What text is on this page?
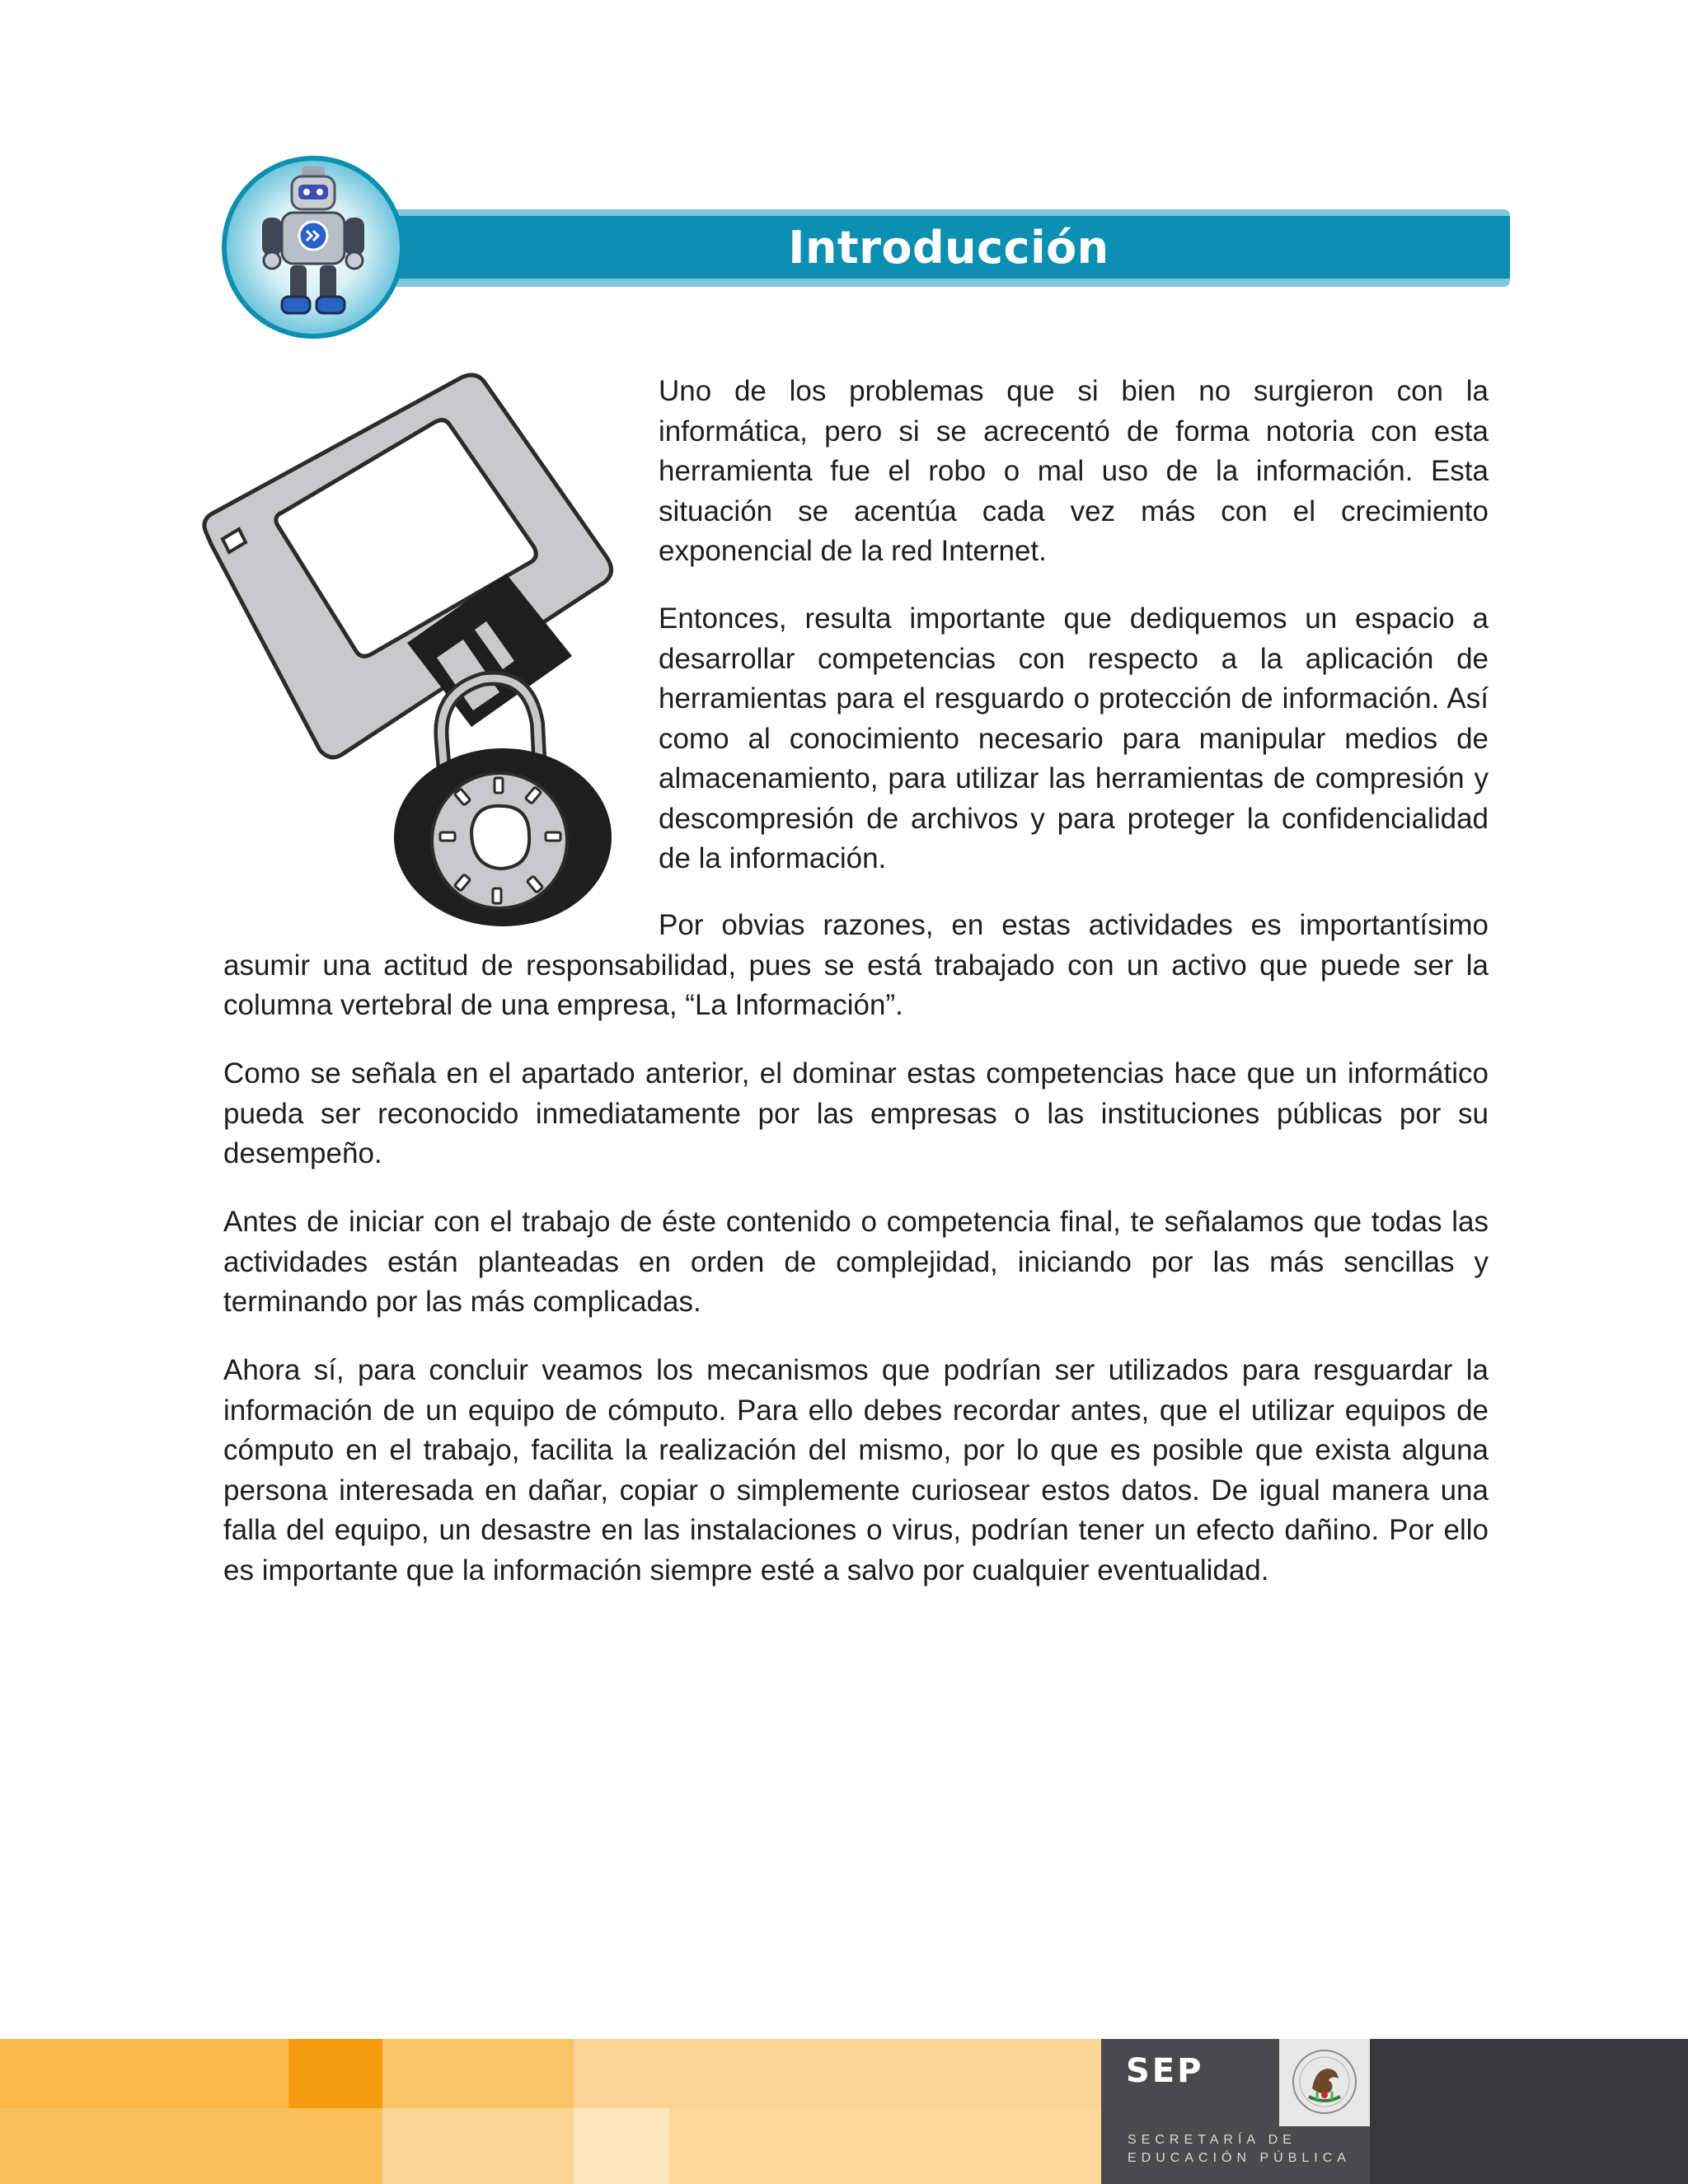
Introducción

Uno de los problemas que si bien no surgieron con la informática, pero si se acrecentó de forma notoria con esta herramienta fue el robo o mal uso de la información. Esta situación se acentúa cada vez más con el crecimiento exponencial de la red Internet.

Entonces, resulta importante que dediquemos un espacio a desarrollar competencias con respecto a la aplicación de herramientas para el resguardo o protección de información. Así como al conocimiento necesario para manipular medios de almacenamiento, para utilizar las herramientas de compresión y descompresión de archivos y para proteger la confidencialidad de la información.

Por obvias razones, en estas actividades es importantísimo asumir una actitud de responsabilidad, pues se está trabajado con un activo que puede ser la columna vertebral de una empresa, “La Información”.

Como se señala en el apartado anterior, el dominar estas competencias hace que un informático pueda ser reconocido inmediatamente por las empresas o las instituciones públicas por su desempeño.

Antes de iniciar con el trabajo de éste contenido o competencia final, te señalamos que todas las actividades están planteadas en orden de complejidad, iniciando por las más sencillas y terminando por las más complicadas.

Ahora sí, para concluir veamos los mecanismos que podrían ser utilizados para resguardar la información de un equipo de cómputo. Para ello debes recordar antes, que el utilizar equipos de cómputo en el trabajo, facilita la realización del mismo, por lo que es posible que exista alguna persona interesada en dañar, copiar o simplemente curiosear estos datos. De igual manera una falla del equipo, un desastre en las instalaciones o virus, podrían tener un efecto dañino. Por ello es importante que la información siempre esté a salvo por cualquier eventualidad.

SEP
SECRETARÍA DE
EDUCACIÓN PÚBLICA
